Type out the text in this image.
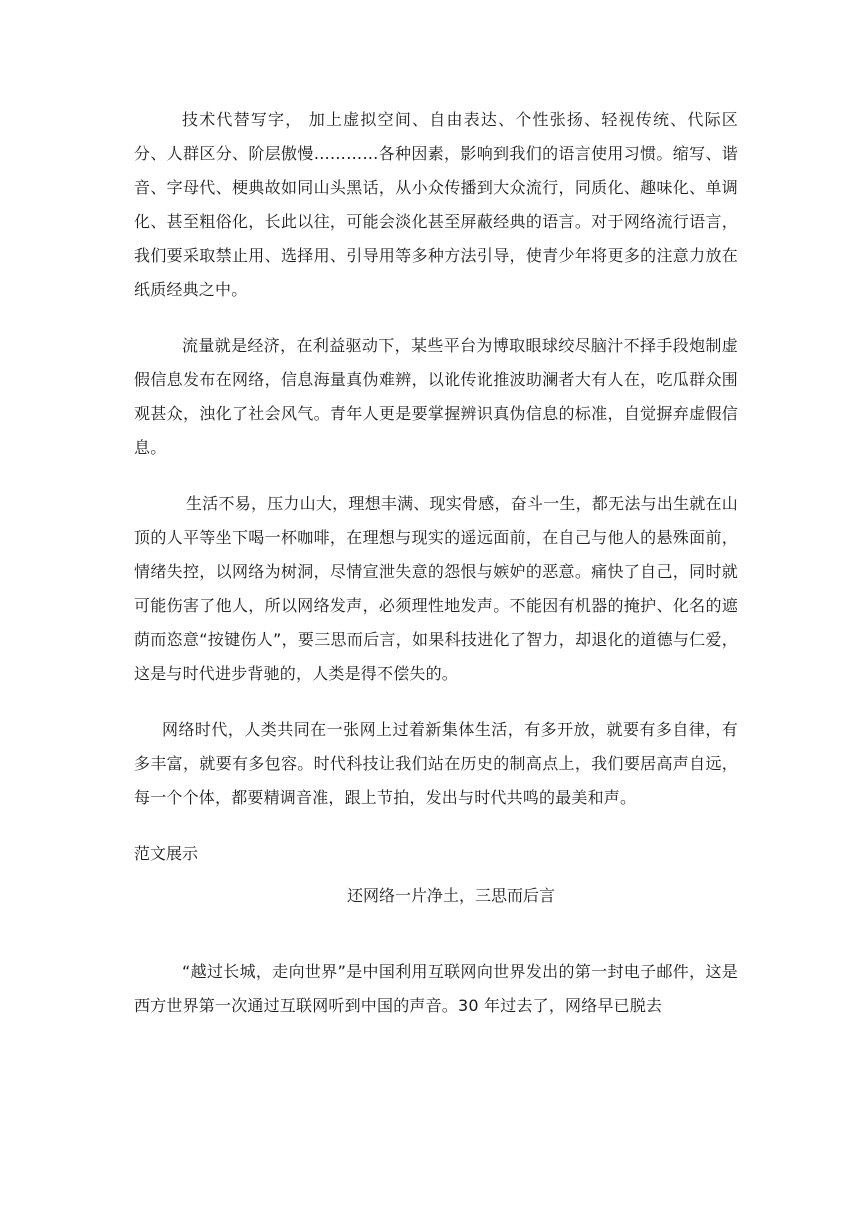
技术代替写字， 加上虚拟空间、自由表达、个性张扬、轻视传统、代际区分、人群区分、阶层傲慢…………各种因素，影响到我们的语言使用习惯。缩写、谐音、字母代、梗典故如同山头黑话，从小众传播到大众流行，同质化、趣味化、单调化、甚至粗俗化，长此以往，可能会淡化甚至屏蔽经典的语言。对于网络流行语言，我们要采取禁止用、选择用、引导用等多种方法引导，使青少年将更多的注意力放在纸质经典之中。

流量就是经济，在利益驱动下，某些平台为博取眼球绞尽脑汁不择手段炮制虚假信息发布在网络，信息海量真伪难辨，以讹传讹推波助澜者大有人在，吃瓜群众围观甚众，浊化了社会风气。青年人更是要掌握辨识真伪信息的标准，自觉摒弃虚假信息。

生活不易，压力山大，理想丰满、现实骨感，奋斗一生，都无法与出生就在山顶的人平等坐下喝一杯咖啡，在理想与现实的遥远面前，在自己与他人的悬殊面前，情绪失控，以网络为树洞，尽情宣泄失意的怨恨与嫉妒的恶意。痛快了自己，同时就可能伤害了他人，所以网络发声，必须理性地发声。不能因有机器的掩护、化名的遮荫而恣意“按键伤人”，要三思而后言，如果科技进化了智力，却退化的道德与仁爱，这是与时代进步背驰的，人类是得不偿失的。

网络时代，人类共同在一张网上过着新集体生活，有多开放，就要有多自律，有多丰富，就要有多包容。时代科技让我们站在历史的制高点上，我们要居高声自远，每一个个体，都要精调音准，跟上节拍，发出与时代共鸣的最美和声。

范文展示

还网络一片净土，三思而后言

“越过长城，走向世界”是中国利用互联网向世界发出的第一封电子邮件，这是西方世界第一次通过互联网听到中国的声音。30 年过去了，网络早已脱去
